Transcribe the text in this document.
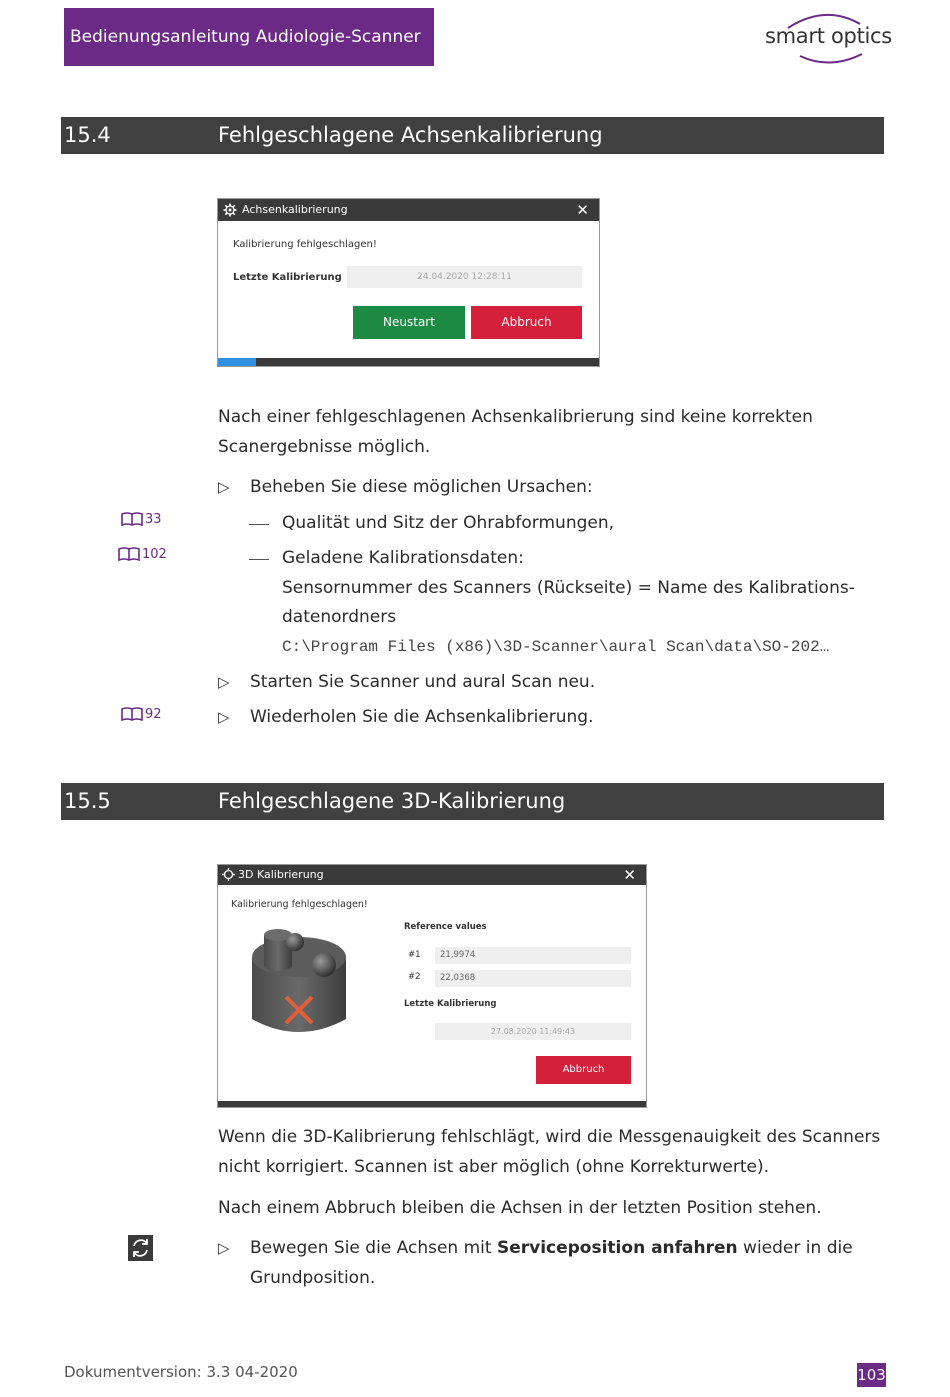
Bedienungsanleitung Audiologie-Scanner	smart optics
15.4	Fehlgeschlagene Achsenkalibrierung
Achsenkalibrierung	✕
Kalibrierung fehlgeschlagen!
Letzte Kalibrierung	24.04.2020 12:28:11
Neustart	Abbruch
Nach einer fehlgeschlagenen Achsenkalibrierung sind keine korrekten
Scanergebnisse möglich.
▷ Beheben Sie diese möglichen Ursachen:
33	Qualität und Sitz der Ohrabformungen,
102	Geladene Kalibrationsdaten:
Sensornummer des Scanners (Rückseite) = Name des Kalibrations-
datenordners
C:\Program Files (x86)\3D-Scanner\aural Scan\data\SO-202…
▷ Starten Sie Scanner und aural Scan neu.
92	▷ Wiederholen Sie die Achsenkalibrierung.
15.5	Fehlgeschlagene 3D-Kalibrierung
3D Kalibrierung	✕
Kalibrierung fehlgeschlagen!
Reference values
#1	21,9974
#2	22,0368
Letzte Kalibrierung
27.08.2020 11:49:43
Abbruch
Wenn die 3D-Kalibrierung fehlschlägt, wird die Messgenauigkeit des Scanners
nicht korrigiert. Scannen ist aber möglich (ohne Korrekturwerte).
Nach einem Abbruch bleiben die Achsen in der letzten Position stehen.
▷ Bewegen Sie die Achsen mit Serviceposition anfahren wieder in die
Grundposition.
Dokumentversion: 3.3 04-2020	103
